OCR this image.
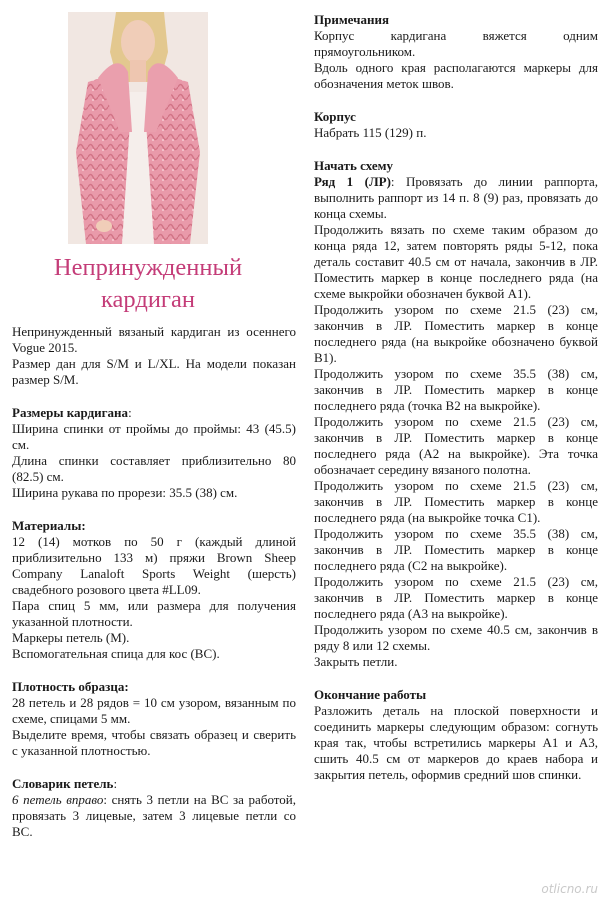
Непринужденный
кардиган

Непринужденный вязаный кардиган из осеннего Vogue 2015.

Размер дан для S/M и L/XL. На модели показан размер S/M.

Размеры кардигана:

Ширина спинки от проймы до проймы: 43 (45.5) см.

Длина спинки составляет приблизительно 80 (82.5) см.

Ширина рукава по прорези: 35.5 (38) см.

Материалы:

12 (14) мотков по 50 г (каждый длиной приблизительно 133 м) пряжи Brown Sheep Company Lanaloft Sports Weight (шерсть) свадебного розового цвета #LL09.

Пара спиц 5 мм, или размера для получения указанной плотности.

Маркеры петель (М).

Вспомогательная спица для кос (ВС).

Плотность образца:

28 петель и 28 рядов = 10 см узором, вязанным по схеме, спицами 5 мм.

Выделите время, чтобы связать образец и сверить с указанной плотностью.

Словарик петель:

6 петель вправо: снять 3 петли на ВС за работой, провязать 3 лицевые, затем 3 лицевые петли со ВС.

Примечания

Корпус кардигана вяжется одним прямоугольником.

Вдоль одного края располагаются маркеры для обозначения меток швов.

Корпус

Набрать 115 (129) п.

Начать схему

Ряд 1 (ЛР): Провязать до линии раппорта, выполнить раппорт из 14 п. 8 (9) раз, провязать до конца схемы.

Продолжить вязать по схеме таким образом до конца ряда 12, затем повторять ряды 5-12, пока деталь составит 40.5 см от начала, закончив в ЛР. Поместить маркер в конце последнего ряда (на схеме выкройки обозначен буквой А1).

Продолжить узором по схеме 21.5 (23) см, закончив в ЛР. Поместить маркер в конце последнего ряда (на выкройке обозначено буквой В1).

Продолжить узором по схеме 35.5 (38) см, закончив в ЛР. Поместить маркер в конце последнего ряда (точка В2 на выкройке).

Продолжить узором по схеме 21.5 (23) см, закончив в ЛР. Поместить маркер в конце последнего ряда (А2 на выкройке). Эта точка обозначает середину вязаного полотна.

Продолжить узором по схеме 21.5 (23) см, закончив в ЛР. Поместить маркер в конце последнего ряда (на выкройке точка С1).

Продолжить узором по схеме 35.5 (38) см, закончив в ЛР. Поместить маркер в конце последнего ряда (С2 на выкройке).

Продолжить узором по схеме 21.5 (23) см, закончив в ЛР. Поместить маркер в конце последнего ряда (А3 на выкройке).

Продолжить узором по схеме 40.5 см, закончив в ряду 8 или 12 схемы.

Закрыть петли.

Окончание работы

Разложить деталь на плоской поверхности и соединить маркеры следующим образом: согнуть края так, чтобы встретились маркеры А1 и А3, сшить 40.5 см от маркеров до краев набора и закрытия петель, оформив средний шов спинки.

otlicno.ru
